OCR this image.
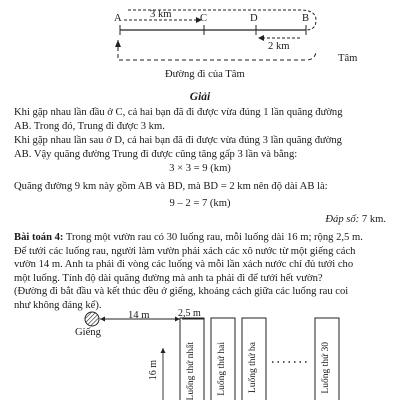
A	C	D	B
3 km
2 km
Tâm
Đường đi của Tâm
Giải
Khi gặp nhau lần đầu ở C, cả hai bạn đã đi được vừa đúng 1 lần quãng đường
AB. Trong đó, Trung đi được 3 km.
Khi gặp nhau lần sau ở D, cả hai bạn đã đi được vừa đúng 3 lần quãng đường
AB. Vậy quãng đường Trung đi được cũng tăng gấp 3 lần và bằng:
3 × 3 = 9 (km)
Quãng đường 9 km này gồm AB và BD, mà BD = 2 km nên độ dài AB là:
9 – 2 = 7 (km)
Đáp số: 7 km.
Bài toán 4: Trong một vườn rau có 30 luống rau, mỗi luống dài 16 m; rộng 2,5 m.
Để tưới các luống rau, người làm vườn phải xách các xô nước từ một giếng cách
vườn 14 m. Anh ta phải đi vòng các luống và mỗi lần xách nước chỉ đủ tưới cho
một luống. Tính độ dài quãng đường mà anh ta phải đi để tưới hết vườn?
(Đường đi bắt đầu và kết thúc đều ở giếng, khoảng cách giữa các luống rau coi
như không đáng kể).
Giếng
14 m	2,5 m
16 m	Luống thứ nhất Luống thứ hai Luống thứ ba	Luống thứ 30
